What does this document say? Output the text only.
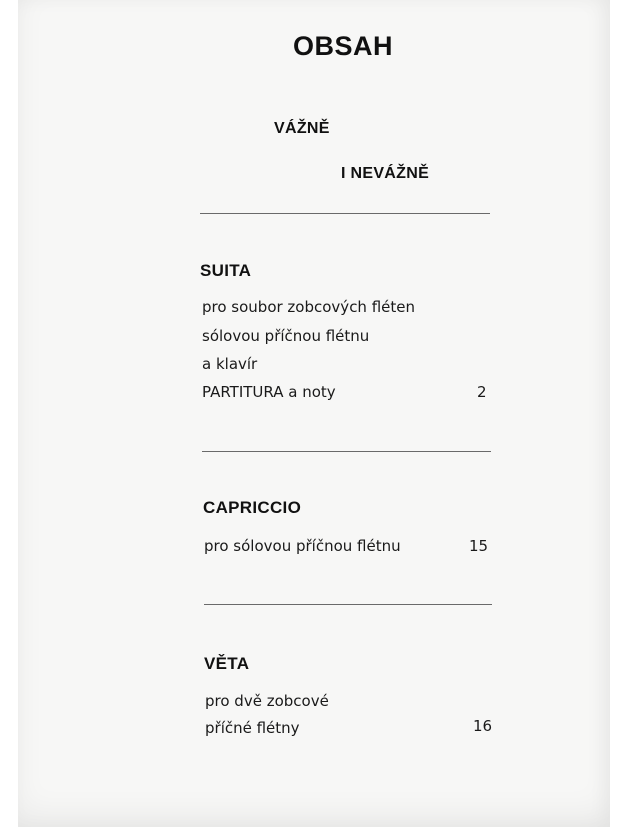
OBSAH
VÁŽNĚ
I NEVÁŽNĚ
SUITA
pro soubor zobcových fléten
sólovou příčnou flétnu
a klavír
PARTITURA a noty	2
CAPRICCIO
pro sólovou příčnou flétnu	15
VĚTA
pro dvě zobcové
příčné flétny	16
